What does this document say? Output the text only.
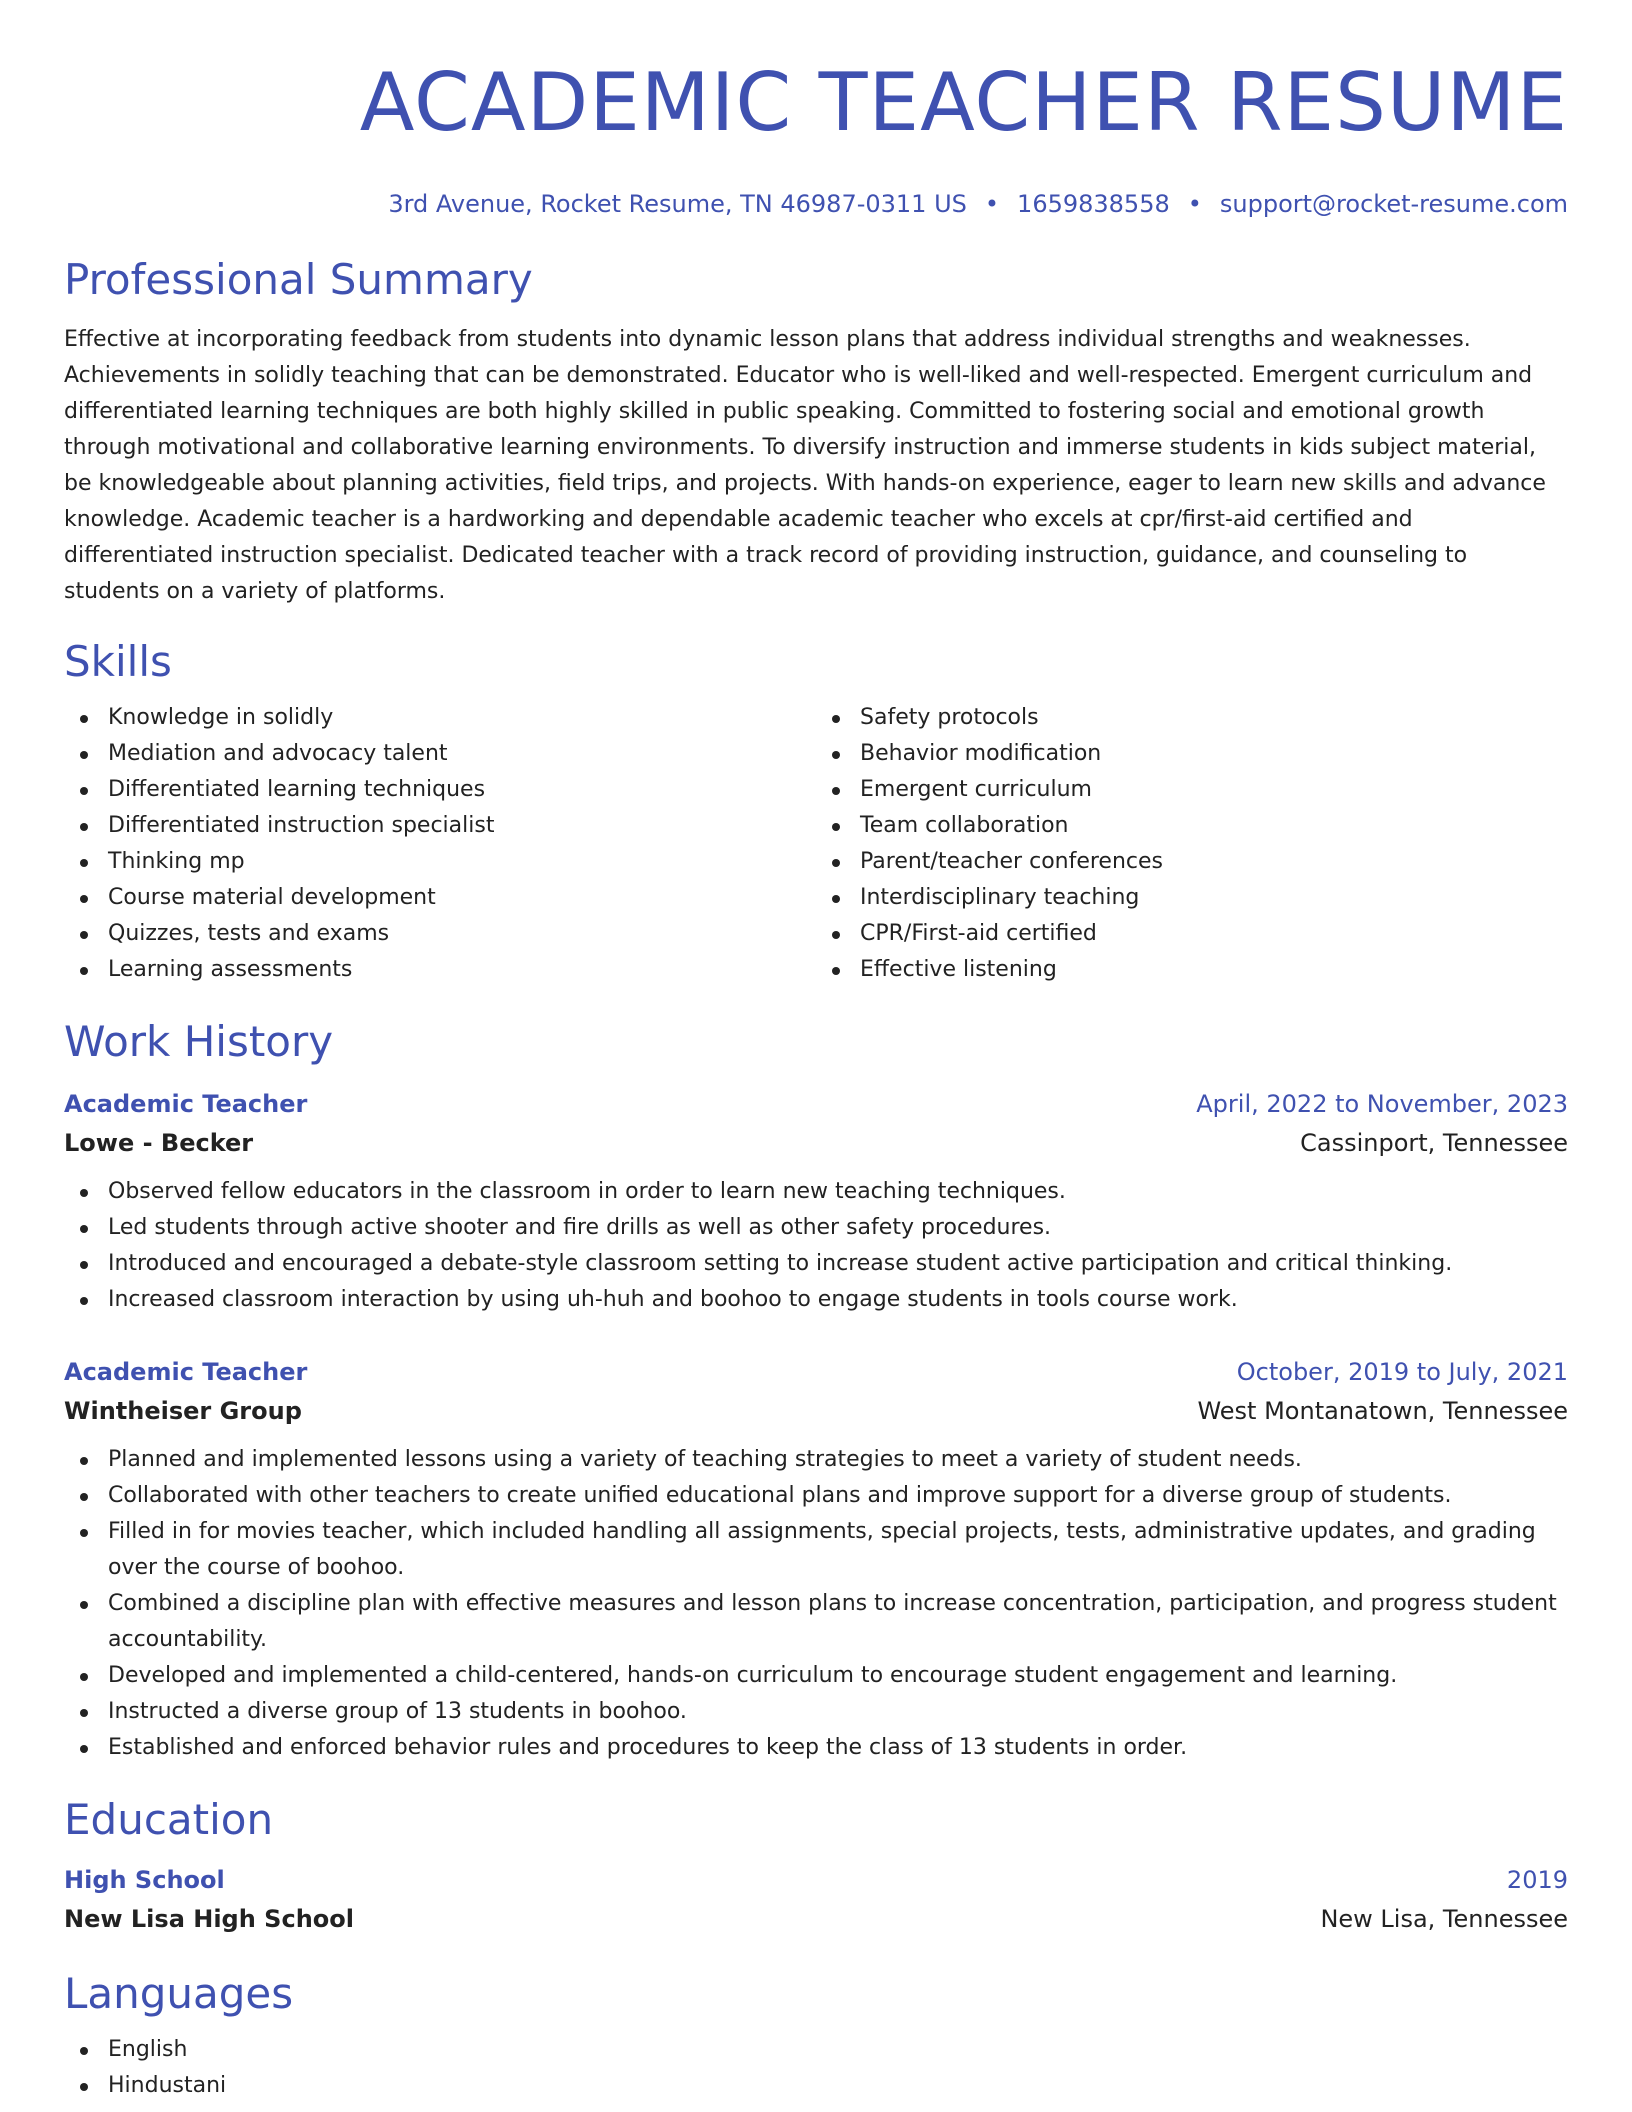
ACADEMIC TEACHER RESUME
3rd Avenue, Rocket Resume, TN 46987-0311 US • 1659838558 • support@rocket-resume.com
Professional Summary

Effective at incorporating feedback from students into dynamic lesson plans that address individual strengths and weaknesses. Achievements in solidly teaching that can be demonstrated. Educator who is well-liked and well-respected. Emergent curriculum and differentiated learning techniques are both highly skilled in public speaking. Committed to fostering social and emotional growth through motivational and collaborative learning environments. To diversify instruction and immerse students in kids subject material, be knowledgeable about planning activities, field trips, and projects. With hands-on experience, eager to learn new skills and advance knowledge. Academic teacher is a hardworking and dependable academic teacher who excels at cpr/first-aid certified and differentiated instruction specialist. Dedicated teacher with a track record of providing instruction, guidance, and counseling to students on a variety of platforms.

Skills
Knowledge in solidly
Mediation and advocacy talent
Differentiated learning techniques
Differentiated instruction specialist
Thinking mp
Course material development
Quizzes, tests and exams
Learning assessments
Safety protocols
Behavior modification
Emergent curriculum
Team collaboration
Parent/teacher conferences
Interdisciplinary teaching
CPR/First-aid certified
Effective listening
Work History
Academic Teacher	April, 2022 to November, 2023
Lowe - Becker	Cassinport, Tennessee
Observed fellow educators in the classroom in order to learn new teaching techniques.
Led students through active shooter and fire drills as well as other safety procedures.
Introduced and encouraged a debate-style classroom setting to increase student active participation and critical thinking.
Increased classroom interaction by using uh-huh and boohoo to engage students in tools course work.
Academic Teacher	October, 2019 to July, 2021
Wintheiser Group	West Montanatown, Tennessee
Planned and implemented lessons using a variety of teaching strategies to meet a variety of student needs.
Collaborated with other teachers to create unified educational plans and improve support for a diverse group of students.
Filled in for movies teacher, which included handling all assignments, special projects, tests, administrative updates, and grading over the course of boohoo.
Combined a discipline plan with effective measures and lesson plans to increase concentration, participation, and progress student accountability.
Developed and implemented a child-centered, hands-on curriculum to encourage student engagement and learning.
Instructed a diverse group of 13 students in boohoo.
Established and enforced behavior rules and procedures to keep the class of 13 students in order.
Education
High School	2019
New Lisa High School	New Lisa, Tennessee
Languages
English
Hindustani
